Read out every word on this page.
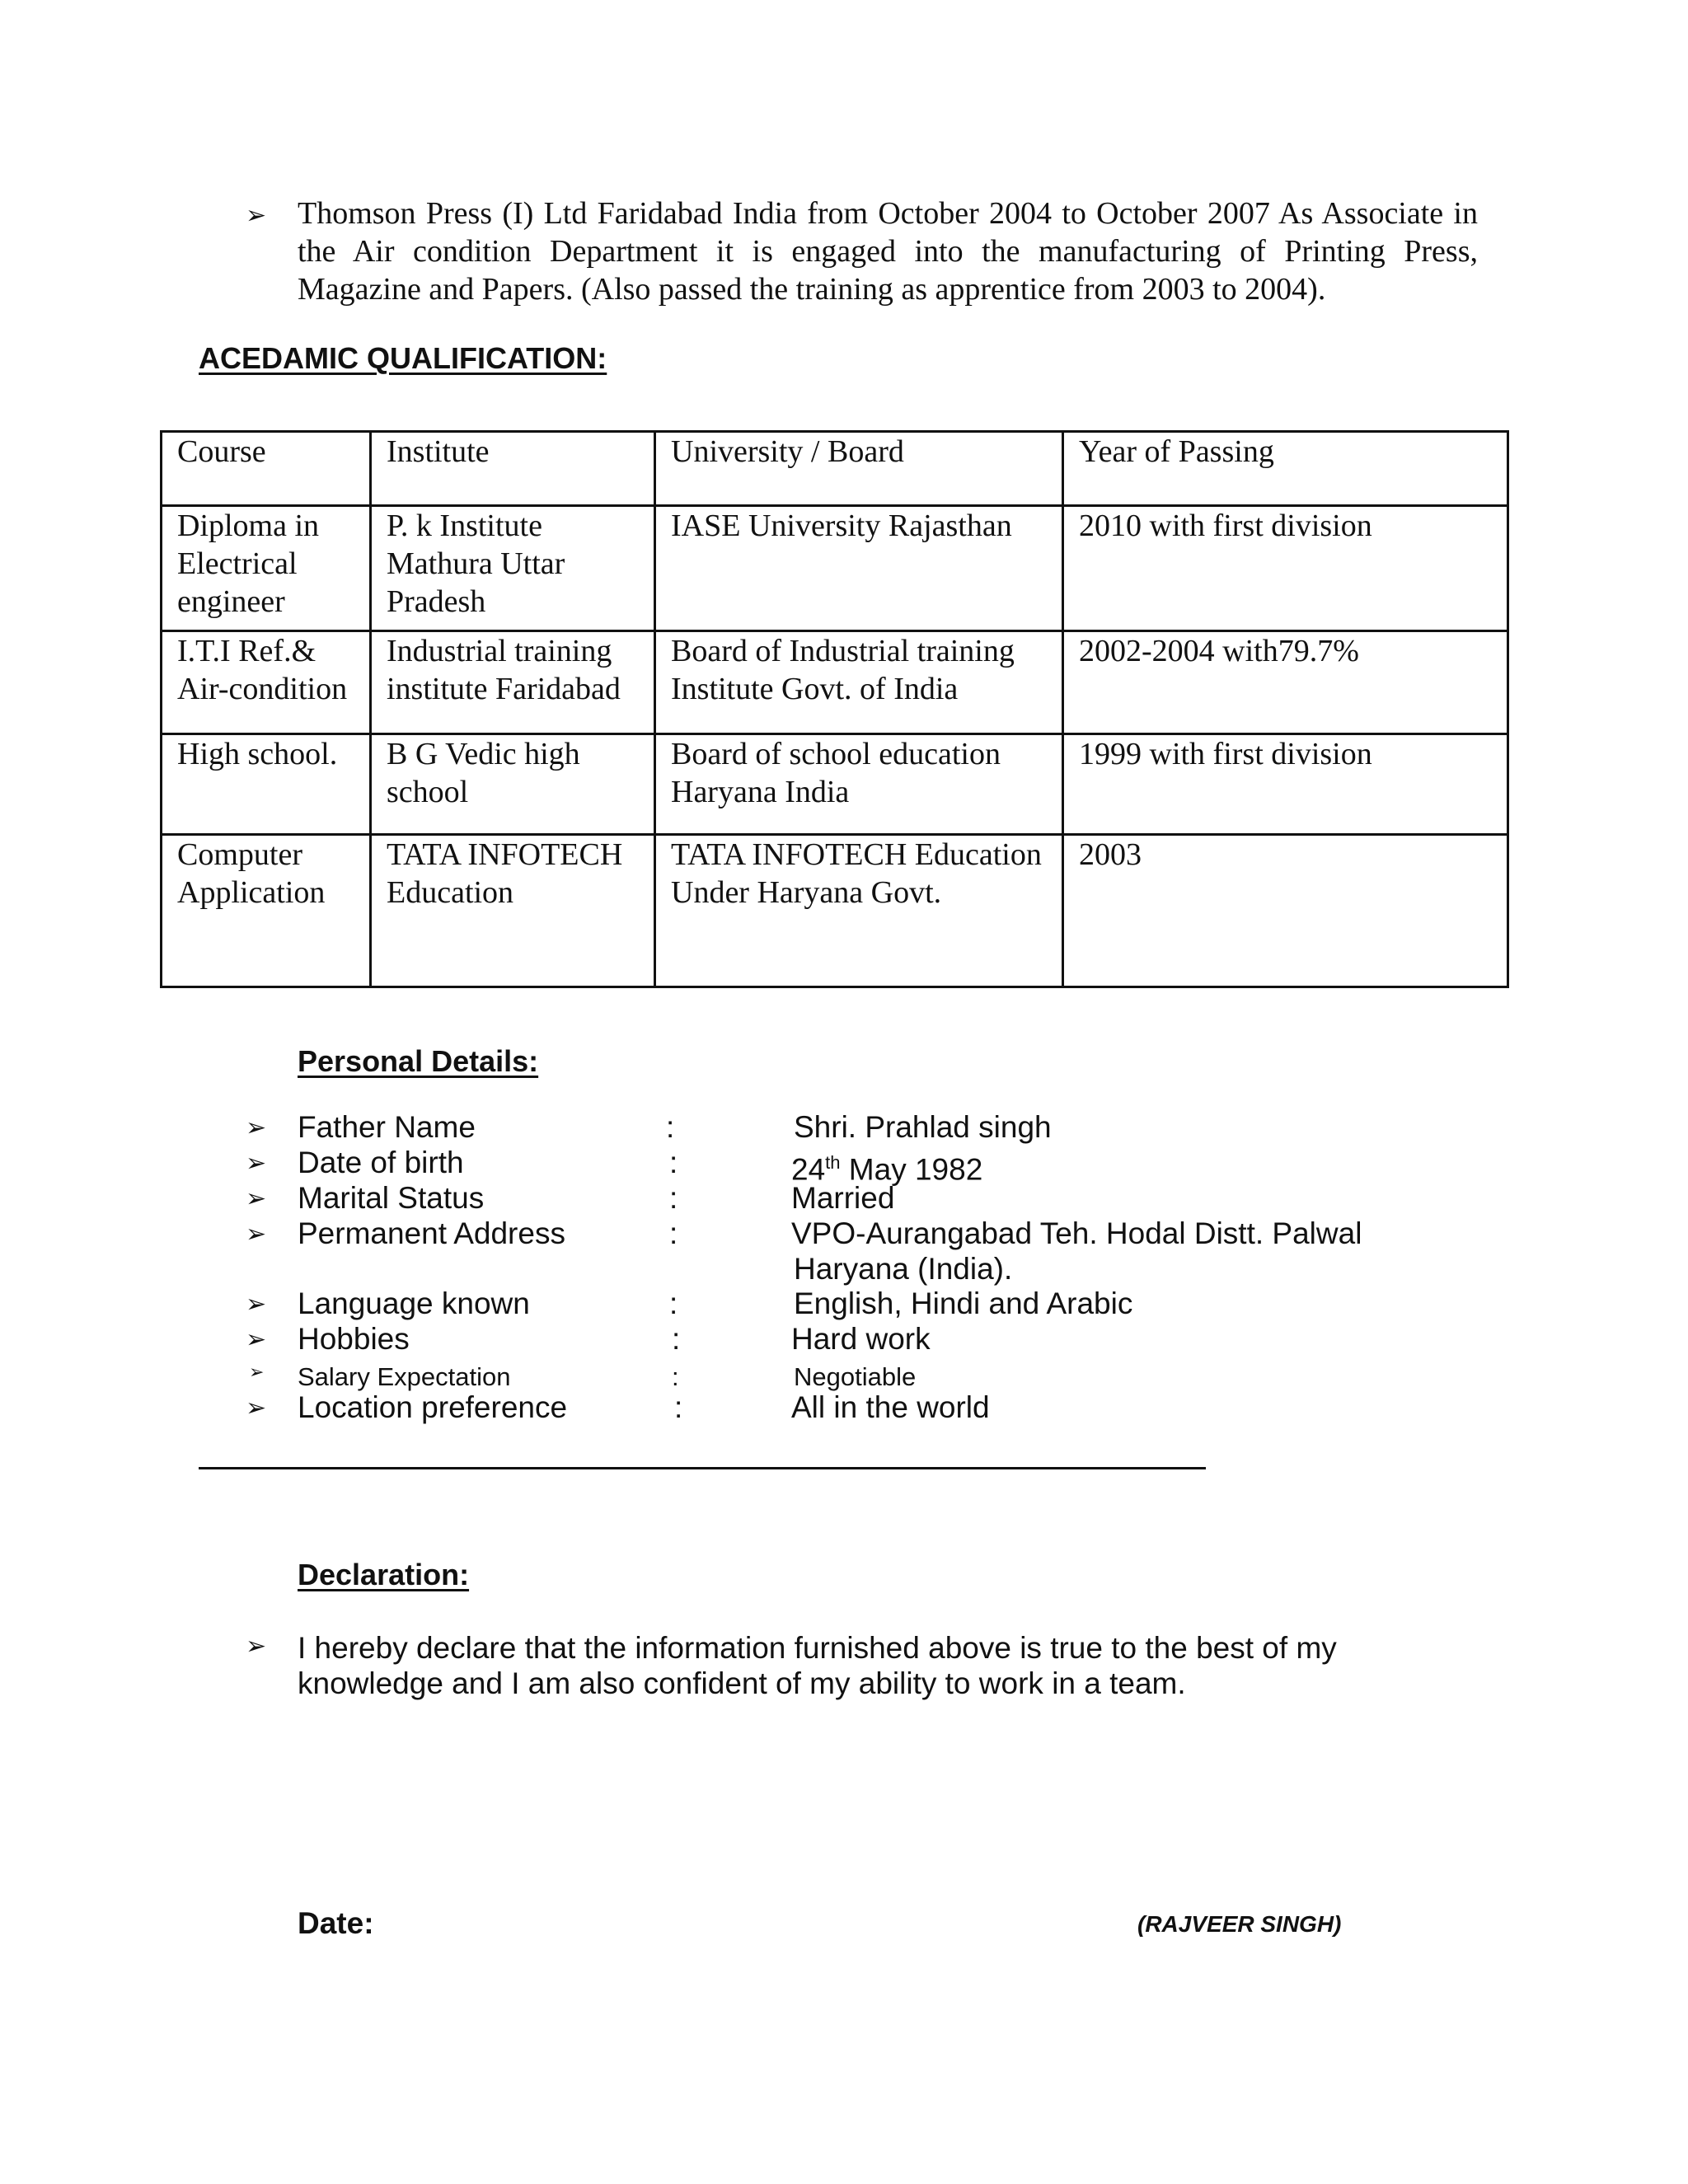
➢ Thomson Press (I) Ltd Faridabad India from October 2004 to October 2007 As Associate in the Air condition Department it is engaged into the manufacturing of Printing Press, Magazine and Papers. (Also passed the training as apprentice from 2003 to 2004).
ACEDAMIC QUALIFICATION:
Course	Institute	University / Board	Year of Passing
Diploma in Electrical engineer	P. k Institute Mathura Uttar Pradesh	IASE University Rajasthan	2010 with first division
I.T.I Ref.& Air-condition	Industrial training institute Faridabad	Board of Industrial training Institute Govt. of India	2002-2004 with79.7%
High school.	B G Vedic high school	Board of school education Haryana India	1999 with first division
Computer Application	TATA INFOTECH Education	TATA INFOTECH Education Under Haryana Govt.	2003
Personal Details:
➢ Father Name	:	Shri. Prahlad singh
➢ Date of birth	:	24th May 1982
➢ Marital Status	:	Married
➢ Permanent Address	:	VPO-Aurangabad Teh. Hodal Distt. Palwal
Haryana (India).
➢ Language known	:	English, Hindi and Arabic
➢ Hobbies	:	Hard work
➢ Salary Expectation	:	Negotiable
➢ Location preference	:	All in the world
Declaration:
➢ I hereby declare that the information furnished above is true to the best of my knowledge and I am also confident of my ability to work in a team.
Date:	(RAJVEER SINGH)
